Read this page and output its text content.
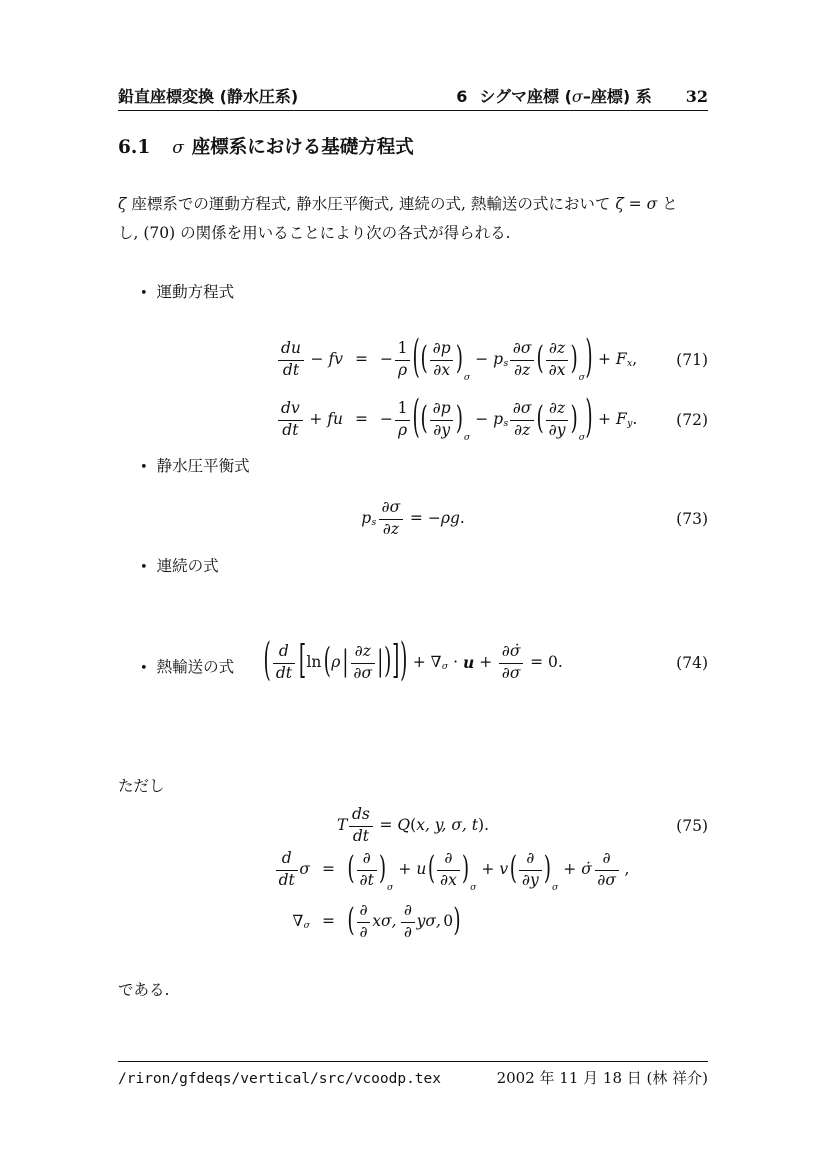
鉛直座標変換 (静水圧系)	6 シグマ座標 (σ–座標) 系 32
6.1 σ 座標系における基礎方程式
ζ 座標系での運動方程式, 静水圧平衡式, 連続の式, 熱輸送の式において ζ = σ と
し, (70) の関係を用いることにより次の各式が得られる.
• 運動方程式
$\frac{du}{dt}$ − fv = − $\frac{1}{\rho}$ ( ( $\frac{\partial p}{\partial x}$ )
σ
− p s $\frac{\partial\sigma}{\partial z}$ ( $\frac{\partial z}{\partial x}$ )
σ ) + F x ,	(71)
$\frac{dv}{dt}$ + fu = − $\frac{1}{\rho}$ ( ( $\frac{\partial p}{\partial y}$ )
σ
− p s $\frac{\partial\sigma}{\partial z}$ ( $\frac{\partial z}{\partial y}$ )
σ ) + F y .	(72)
• 静水圧平衡式
p s $\frac{\partial\sigma}{\partial z}$ = − ρg .	(73)
• 連続の式
( $\frac{d}{dt}$ [ ln ( ρ | $\frac{\partial z}{\partial\sigma}$ | ) ] ) + ∇ $\sigma \cdot u + \frac{\partial\sigmȧ}{\partial\sigma} = 0$.	(74)
• 熱輸送の式
T $\frac{ds}{dt} = Q$ ( x, y, σ, t ).	(75)
ただし
$\frac{d}{dt}$ σ = ( $\frac{\partial}{\partial t}$ )
σ
+ u ( $\frac{\partial}{\partial x}$ )
σ
+ v ( $\frac{\partial}{\partial y}$ )
σ
+ σ̇ $\frac{\partial}{\partial\sigma}$ ,
∇ σ = ( $\frac{\partial}{\partial} x\sigma$, $\frac{\partial}{\partial} y\sigma$, 0 )
である.
/riron/gfdeqs/vertical/src/vcoodp.tex	2002 年 11 月 18 日 (林 祥介)
